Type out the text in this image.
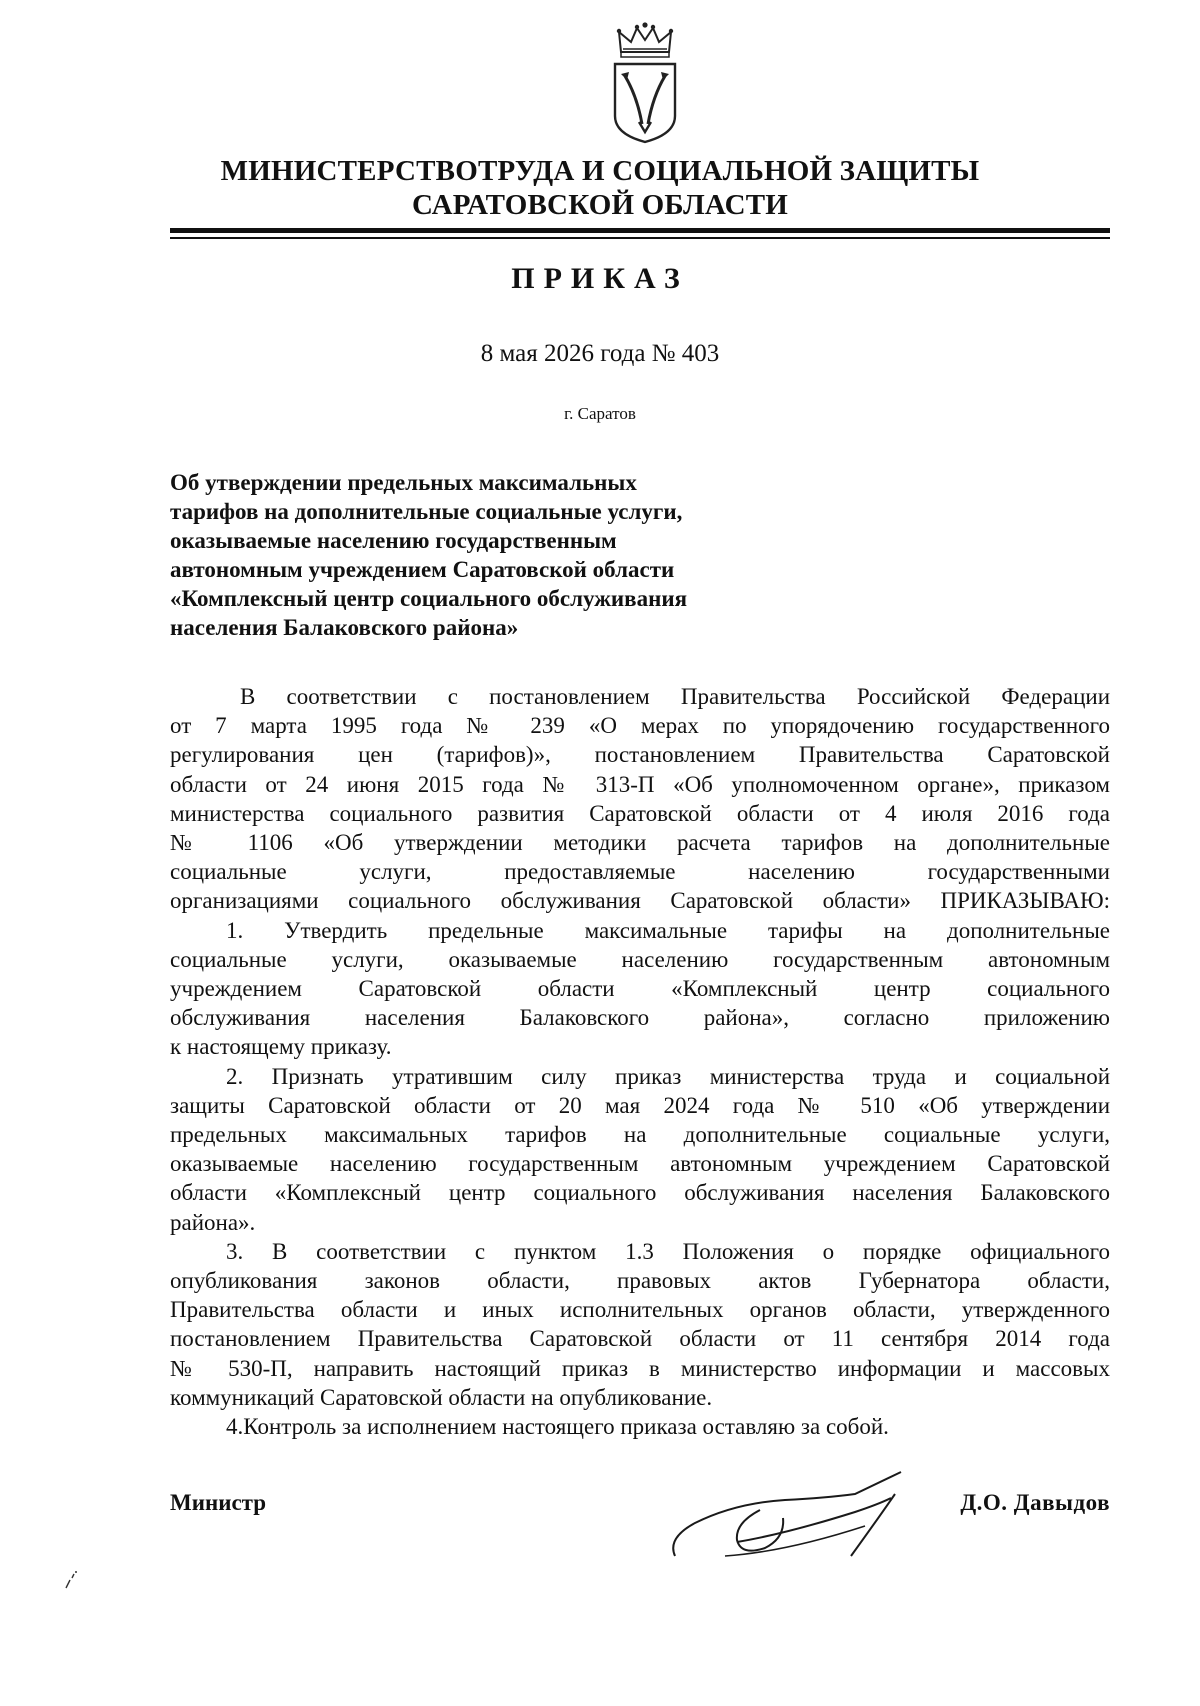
МИНИСТЕРСТВОТРУДА И СОЦИАЛЬНОЙ ЗАЩИТЫ
САРАТОВСКОЙ ОБЛАСТИ
ПРИКАЗ
8 мая 2026 года № 403
г. Саратов
Об утверждении предельных максимальных
тарифов на дополнительные социальные услуги,
оказываемые населению государственным
автономным учреждением Саратовской области
«Комплексный центр социального обслуживания
населения Балаковского района»
В соответствии с постановлением Правительства Российской Федерации
от 7 марта 1995 года № 239 «О мерах по упорядочению государственного
регулирования цен (тарифов)», постановлением Правительства Саратовской
области от 24 июня 2015 года № 313-П «Об уполномоченном органе», приказом
министерства социального развития Саратовской области от 4 июля 2016 года
№ 1106 «Об утверждении методики расчета тарифов на дополнительные
социальные услуги, предоставляемые населению государственными
организациями социального обслуживания Саратовской области» ПРИКАЗЫВАЮ:
1. Утвердить предельные максимальные тарифы на дополнительные
социальные услуги, оказываемые населению государственным автономным
учреждением Саратовской области «Комплексный центр социального
обслуживания населения Балаковского района», согласно приложению
к настоящему приказу.
2. Признать утратившим силу приказ министерства труда и социальной
защиты Саратовской области от 20 мая 2024 года № 510 «Об утверждении
предельных максимальных тарифов на дополнительные социальные услуги,
оказываемые населению государственным автономным учреждением Саратовской
области «Комплексный центр социального обслуживания населения Балаковского
района».
3. В соответствии с пунктом 1.3 Положения о порядке официального
опубликования законов области, правовых актов Губернатора области,
Правительства области и иных исполнительных органов области, утвержденного
постановлением Правительства Саратовской области от 11 сентября 2014 года
№ 530-П, направить настоящий приказ в министерство информации и массовых
коммуникаций Саратовской области на опубликование.
4.Контроль за исполнением настоящего приказа оставляю за собой.
Министр	Д.О. Давыдов
